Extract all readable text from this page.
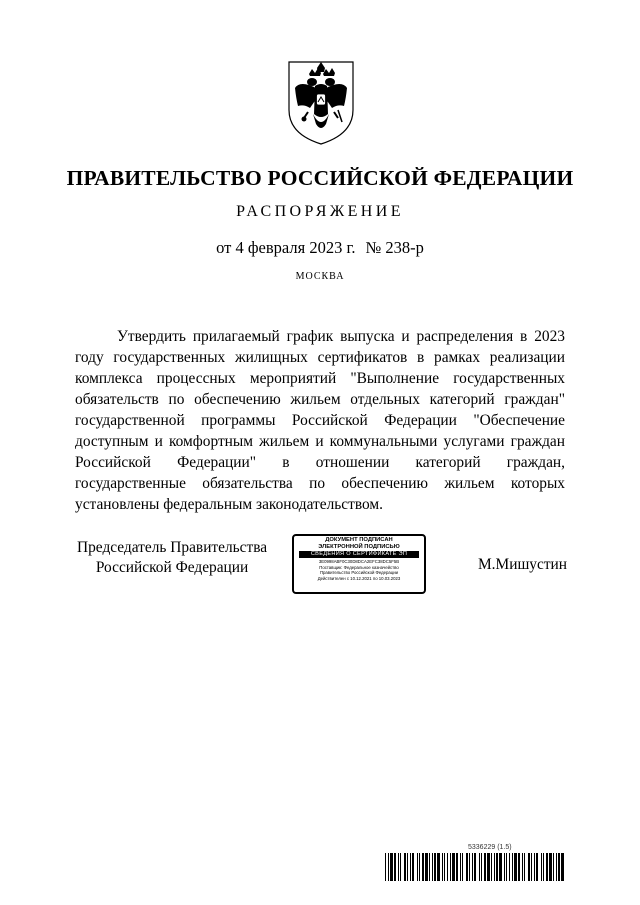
ПРАВИТЕЛЬСТВО РОССИЙСКОЙ ФЕДЕРАЦИИ
РАСПОРЯЖЕНИЕ
от 4 февраля 2023 г. № 238-р
МОСКВА

Утвердить прилагаемый график выпуска и распределения в 2023 году государственных жилищных сертификатов в рамках реализации комплекса процессных мероприятий "Выполнение государственных обязательств по обеспечению жильем отдельных категорий граждан" государственной программы Российской Федерации "Обеспечение доступным и комфортным жильем и коммунальными услугами граждан Российской Федерации" в отношении категорий граждан, государственные обязательства по обеспечению жильем которых установлены федеральным законодательством.

Председатель Правительства
Российской Федерации
ДОКУМЕНТ ПОДПИСАН
ЭЛЕКТРОННОЙ ПОДПИСЬЮ
СВЕДЕНИЯ О СЕРТИФИКАТЕ ЭП
3E0998ABF0C30D8DCA2EFC38DC5F5B
Поставщик: Федеральное казначейство
Правительство Российской Федерации
Действителен с 10.12.2021 по 10.03.2023
М.Мишустин
5336229 (1.5)
